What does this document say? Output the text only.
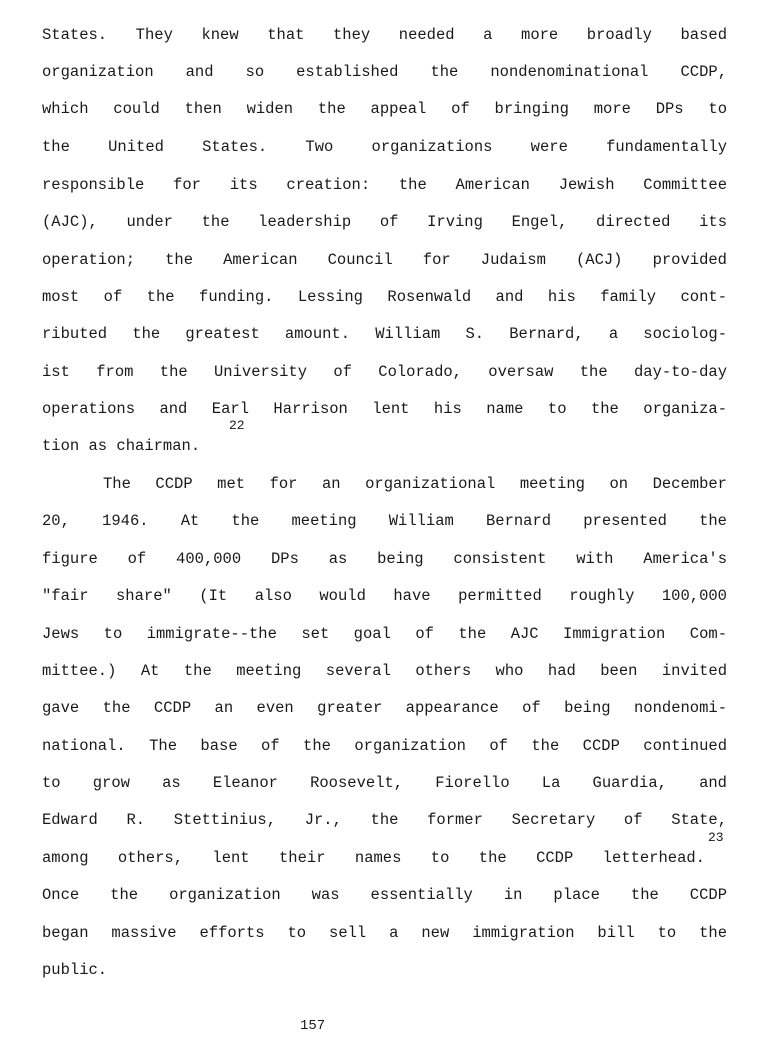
States. They knew that they needed a more broadly based
organization and so established the nondenominational CCDP,
which could then widen the appeal of bringing more DPs to
the United States. Two organizations were fundamentally
responsible for its creation: the American Jewish Committee
(AJC), under the leadership of Irving Engel, directed its
operation; the American Council for Judaism (ACJ) provided
most of the funding. Lessing Rosenwald and his family cont-
ributed the greatest amount. William S. Bernard, a sociolog-
ist from the University of Colorado, oversaw the day-to-day
operations and Earl Harrison lent his name to the organiza-
tion as chairman.
The CCDP met for an organizational meeting on December
20, 1946. At the meeting William Bernard presented the
figure of 400,000 DPs as being consistent with America's
"fair share" (It also would have permitted roughly 100,000
Jews to immigrate--the set goal of the AJC Immigration Com-
mittee.) At the meeting several others who had been invited
gave the CCDP an even greater appearance of being nondenomi-
national. The base of the organization of the CCDP continued
to grow as Eleanor Roosevelt, Fiorello La Guardia, and
Edward R. Stettinius, Jr., the former Secretary of State,
among others, lent their names to the CCDP letterhead.
Once the organization was essentially in place the CCDP
began massive efforts to sell a new immigration bill to the
public.
22
23
157
